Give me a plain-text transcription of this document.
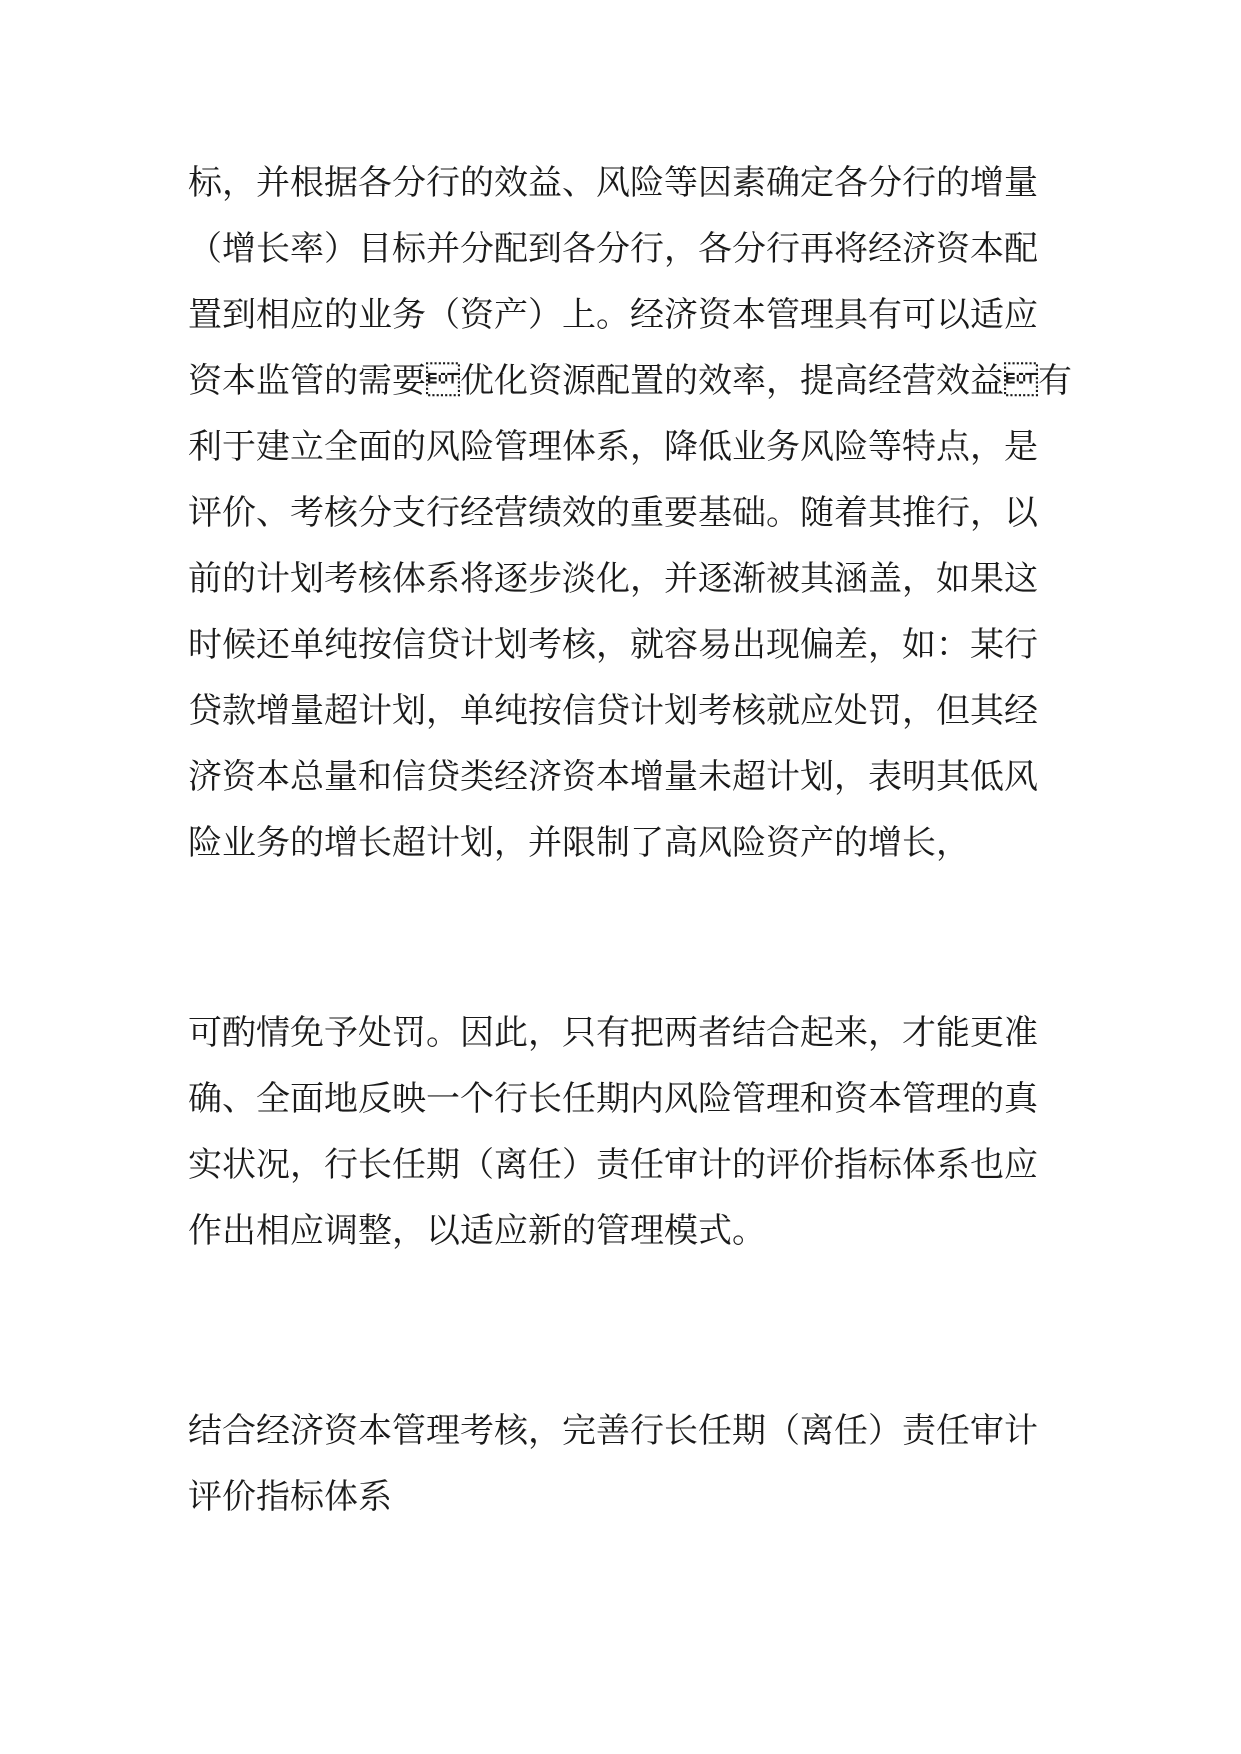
标，并根据各分行的效益、风险等因素确定各分行的增量
（增长率）目标并分配到各分行，各分行再将经济资本配
置到相应的业务（资产）上。经济资本管理具有可以适应
资本监管的需要优化资源配置的效率，提高经营效益有
利于建立全面的风险管理体系，降低业务风险等特点，是
评价、考核分支行经营绩效的重要基础。随着其推行，以
前的计划考核体系将逐步淡化，并逐渐被其涵盖，如果这
时候还单纯按信贷计划考核，就容易出现偏差，如：某行
贷款增量超计划，单纯按信贷计划考核就应处罚，但其经
济资本总量和信贷类经济资本增量未超计划，表明其低风
险业务的增长超计划，并限制了高风险资产的增长，
可酌情免予处罚。因此，只有把两者结合起来，才能更准
确、全面地反映一个行长任期内风险管理和资本管理的真
实状况，行长任期（离任）责任审计的评价指标体系也应
作出相应调整，以适应新的管理模式。
结合经济资本管理考核，完善行长任期（离任）责任审计
评价指标体系
